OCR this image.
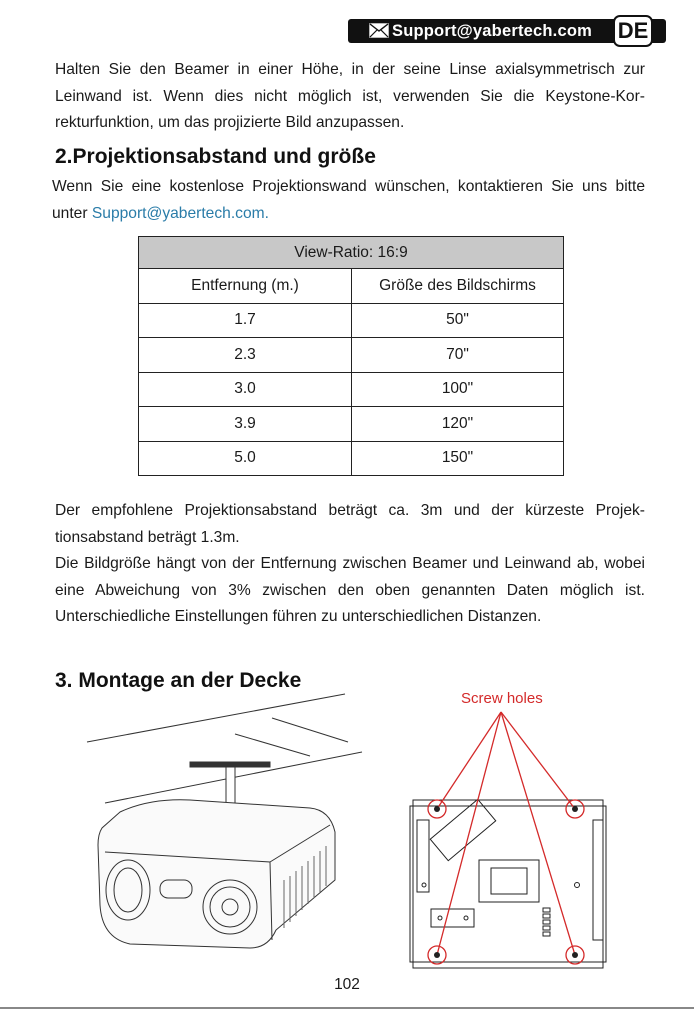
Support@yabertech.com DE
Halten Sie den Beamer in einer Höhe, in der seine Linse axialsymmetrisch zur Leinwand ist. Wenn dies nicht möglich ist, verwenden Sie die Keystone-Kor- rekturfunktion, um das projizierte Bild anzupassen.
2.Projektionsabstand und größe
Wenn Sie eine kostenlose Projektionswand wünschen, kontaktieren Sie uns bitte unter Support@yabertech.com.
View-Ratio: 16:9	
Entfernung (m.)	Größe des Bildschirms
1.7	50"
2.3	70"
3.0	100"
3.9	120"
5.0	150"
Der empfohlene Projektionsabstand beträgt ca. 3m und der kürzeste Projek- tionsabstand beträgt 1.3m.
Die Bildgröße hängt von der Entfernung zwischen Beamer und Leinwand ab, wobei eine Abweichung von 3% zwischen den oben genannten Daten möglich ist. Unterschiedliche Einstellungen führen zu unterschiedlichen Distanzen.
3. Montage an der Decke
Screw holes
102
